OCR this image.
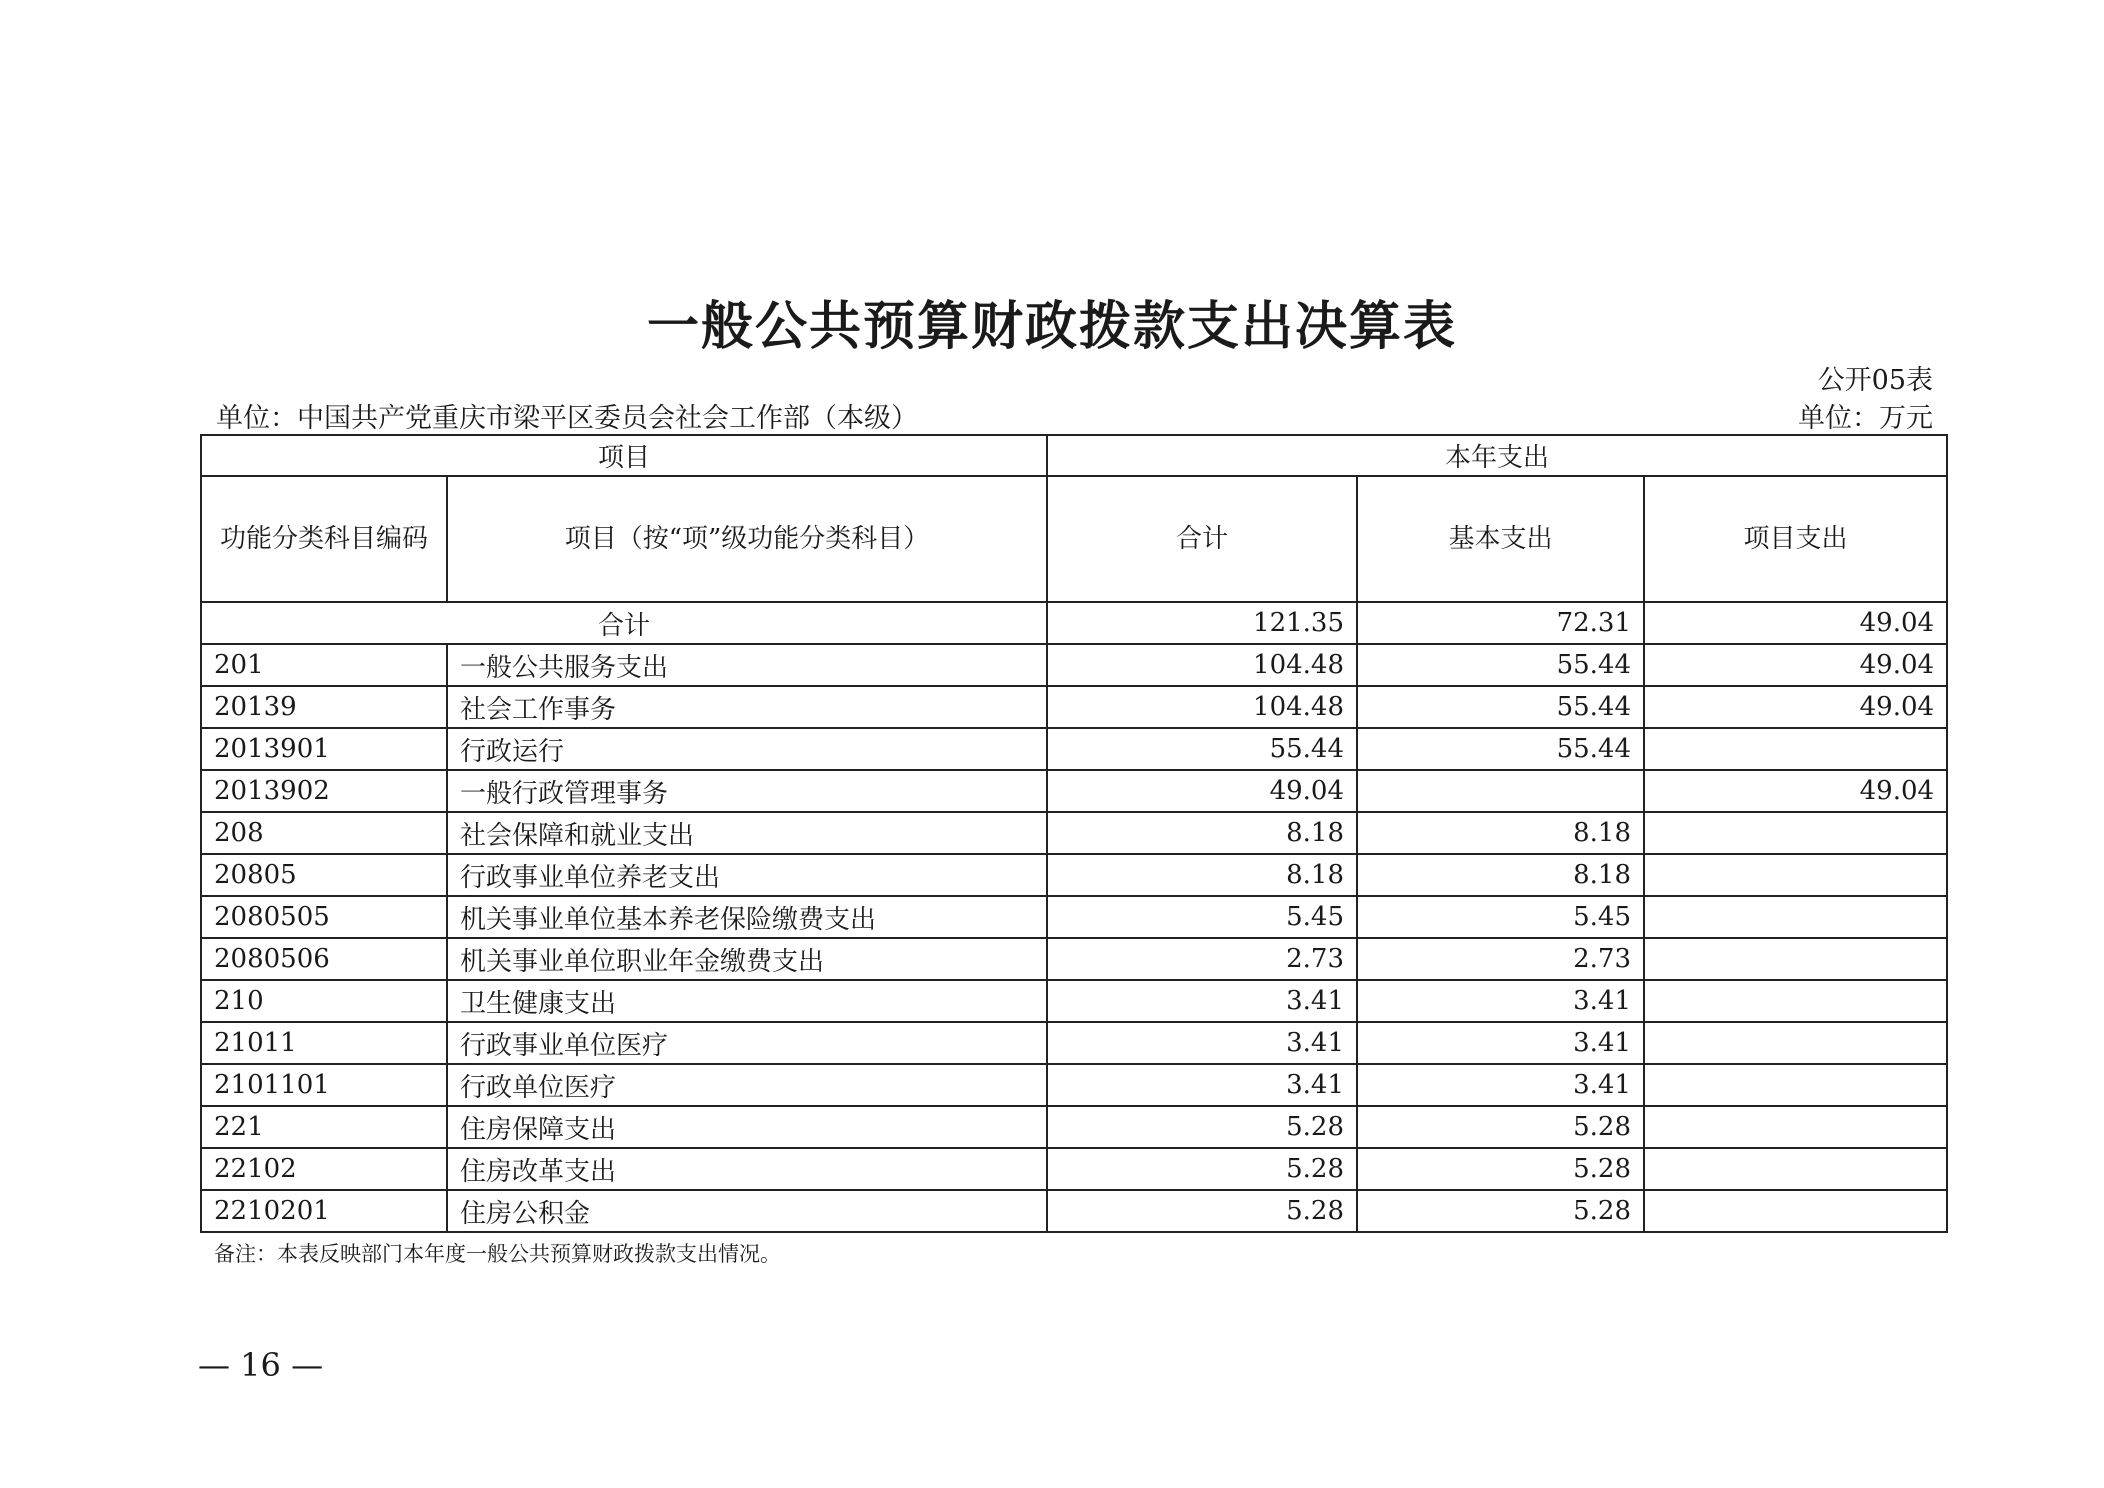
一般公共预算财政拨款支出决算表
公开05表
单位：中国共产党重庆市梁平区委员会社会工作部（本级）	单位：万元
项目		本年支出		
功能分类科目编码	项目（按“项”级功能分类科目）	合计	基本支出	项目支出
合计		121.35	72.31	49.04
201	一般公共服务支出	104.48	55.44	49.04
20139	社会工作事务	104.48	55.44	49.04
2013901	行政运行	55.44	55.44	
2013902	一般行政管理事务	49.04		49.04
208	社会保障和就业支出	8.18	8.18	
20805	行政事业单位养老支出	8.18	8.18	
2080505	机关事业单位基本养老保险缴费支出	5.45	5.45	
2080506	机关事业单位职业年金缴费支出	2.73	2.73	
210	卫生健康支出	3.41	3.41	
21011	行政事业单位医疗	3.41	3.41	
2101101	行政单位医疗	3.41	3.41	
221	住房保障支出	5.28	5.28	
22102	住房改革支出	5.28	5.28	
2210201	住房公积金	5.28	5.28	
备注：本表反映部门本年度一般公共预算财政拨款支出情况。
— 16 —
